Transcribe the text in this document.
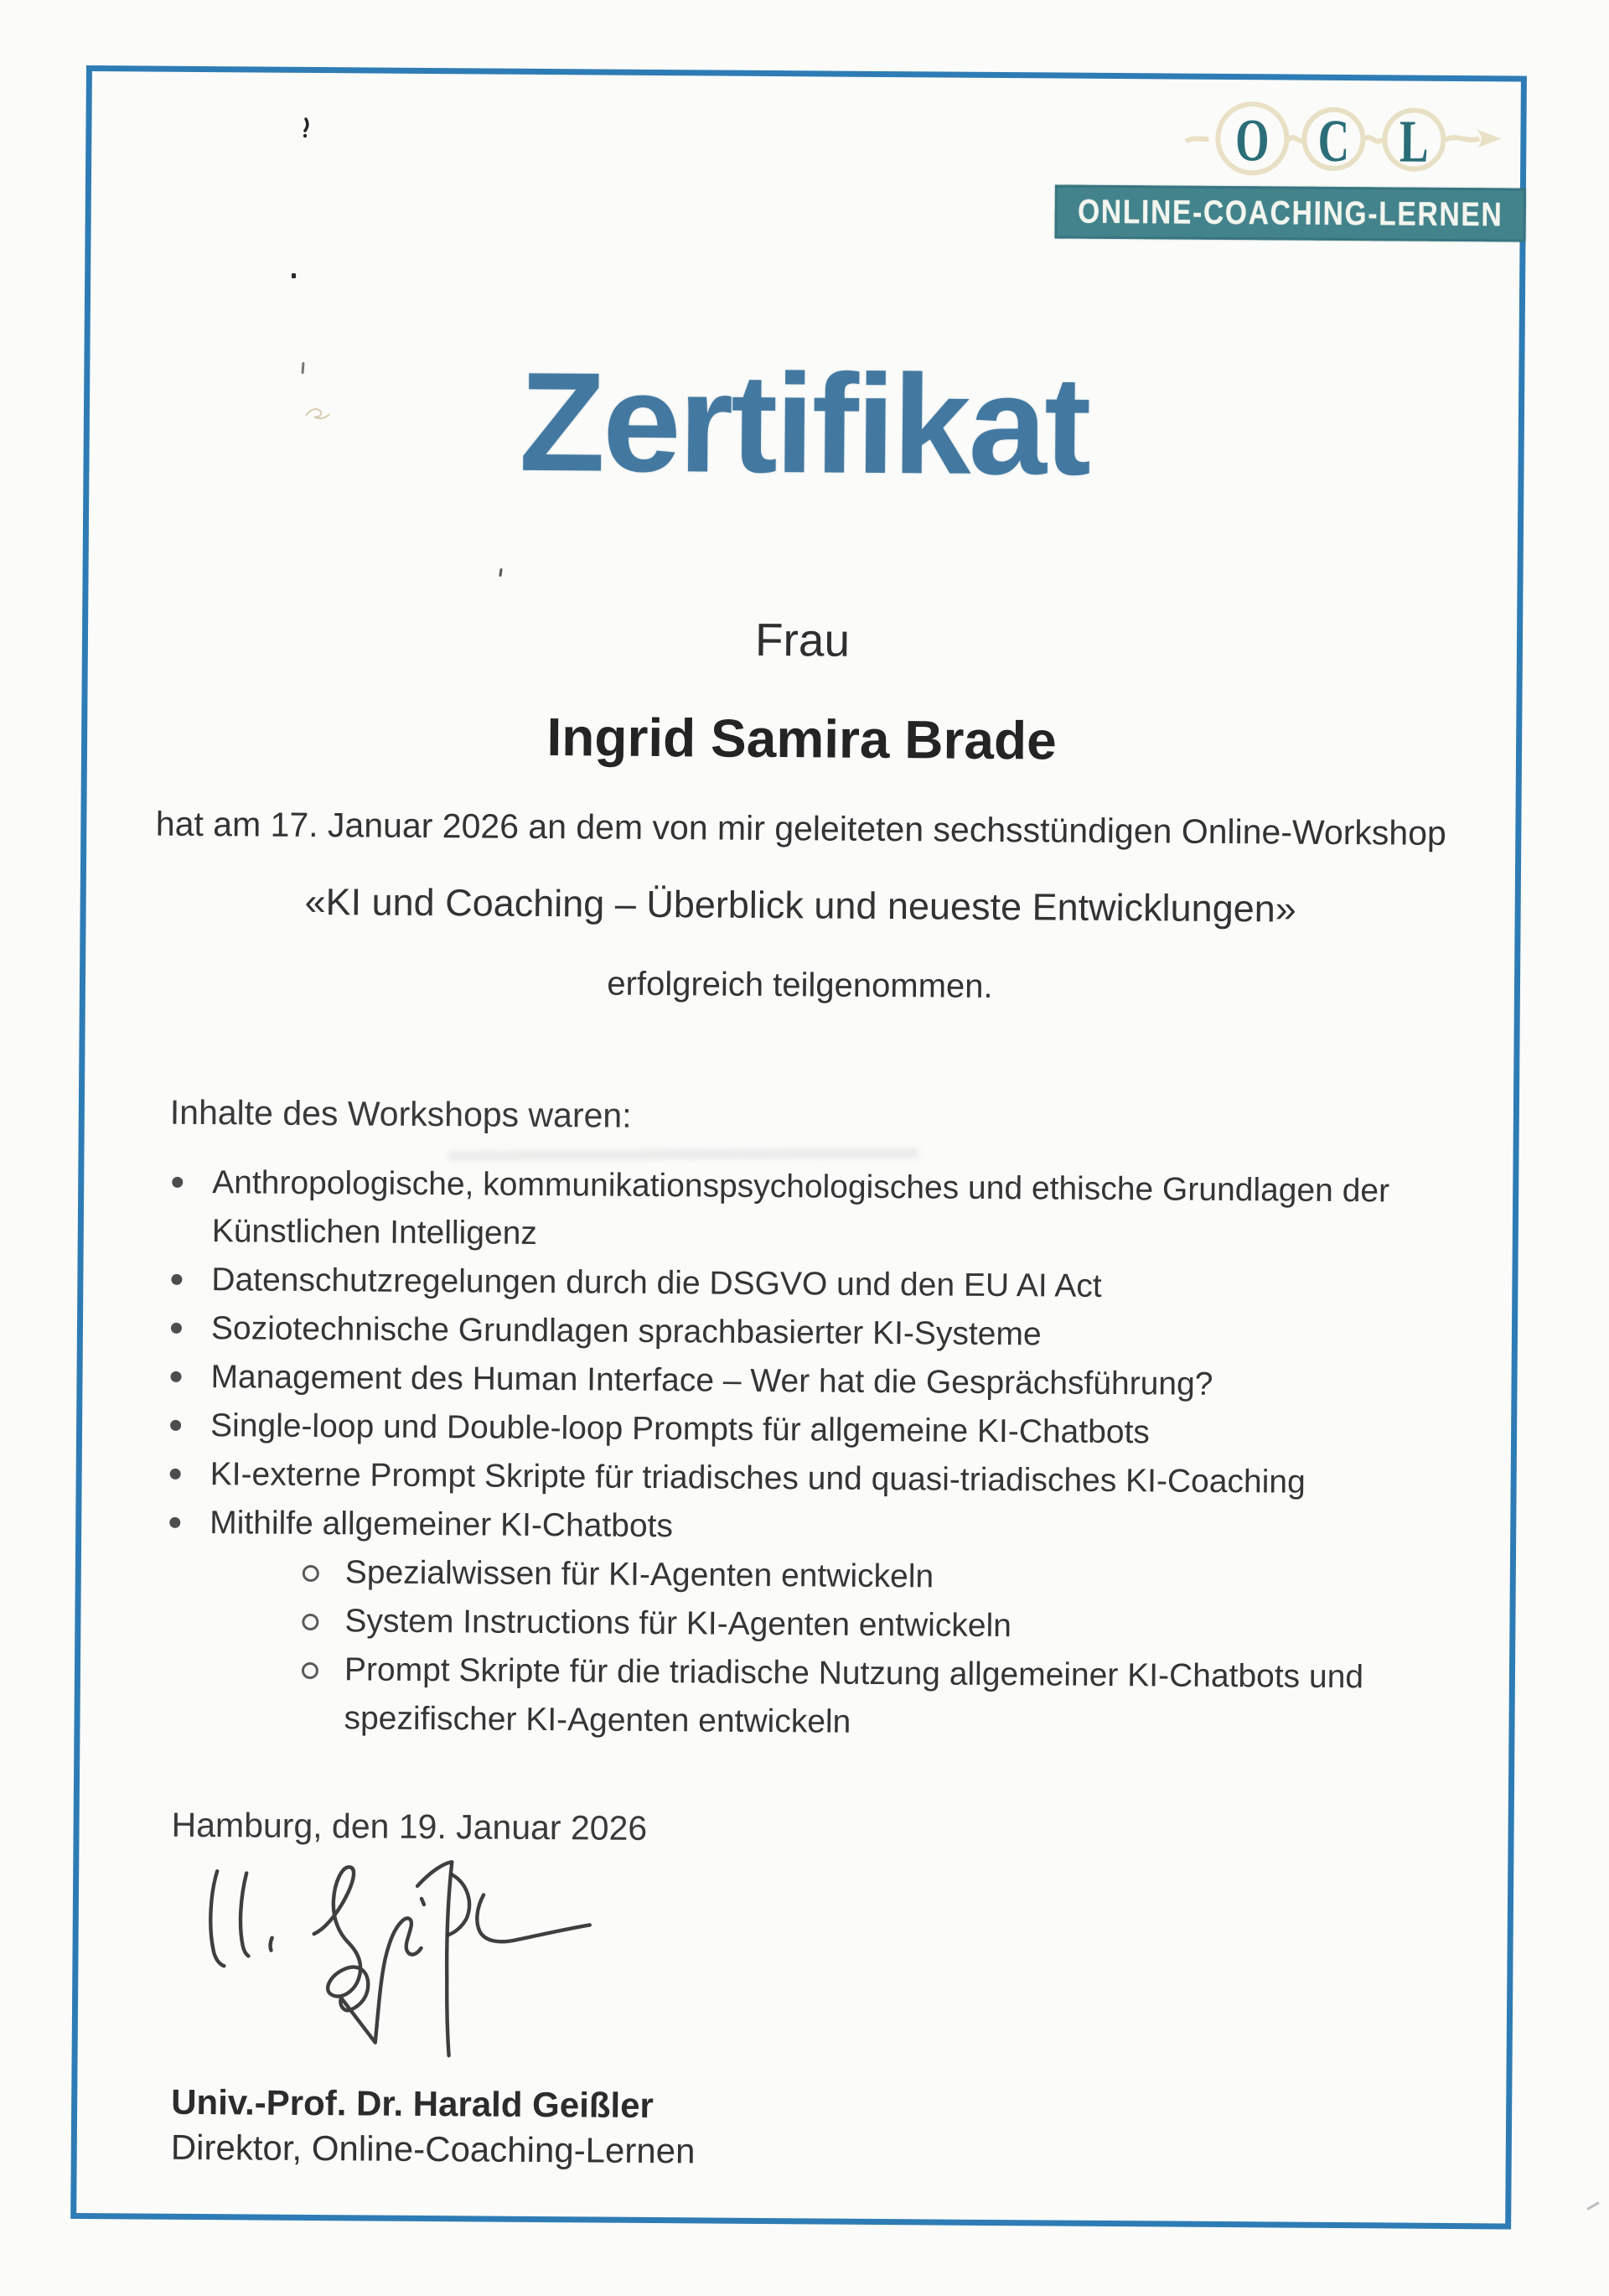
O C L
ONLINE-COACHING-LERNEN
Zertifikat

Frau

Ingrid Samira Brade

hat am 17. Januar 2026 an dem von mir geleiteten sechsstündigen Online-Workshop

«KI und Coaching – Überblick und neueste Entwicklungen»

erfolgreich teilgenommen.

Inhalte des Workshops waren:

Anthropologische, kommunikationspsychologisches und ethische Grundlagen der Künstlichen Intelligenz
Datenschutzregelungen durch die DSGVO und den EU AI Act
Soziotechnische Grundlagen sprachbasierter KI-Systeme
Management des Human Interface – Wer hat die Gesprächsführung?
Single-loop und Double-loop Prompts für allgemeine KI-Chatbots
KI-externe Prompt Skripte für triadisches und quasi-triadisches KI-Coaching
Mithilfe allgemeiner KI-Chatbots
Spezialwissen für KI-Agenten entwickeln
System Instructions für KI-Agenten entwickeln
Prompt Skripte für die triadische Nutzung allgemeiner KI-Chatbots und spezifischer KI-Agenten entwickeln

Hamburg, den 19. Januar 2026

Univ.-Prof. Dr. Harald Geißler

Direktor, Online-Coaching-Lernen
